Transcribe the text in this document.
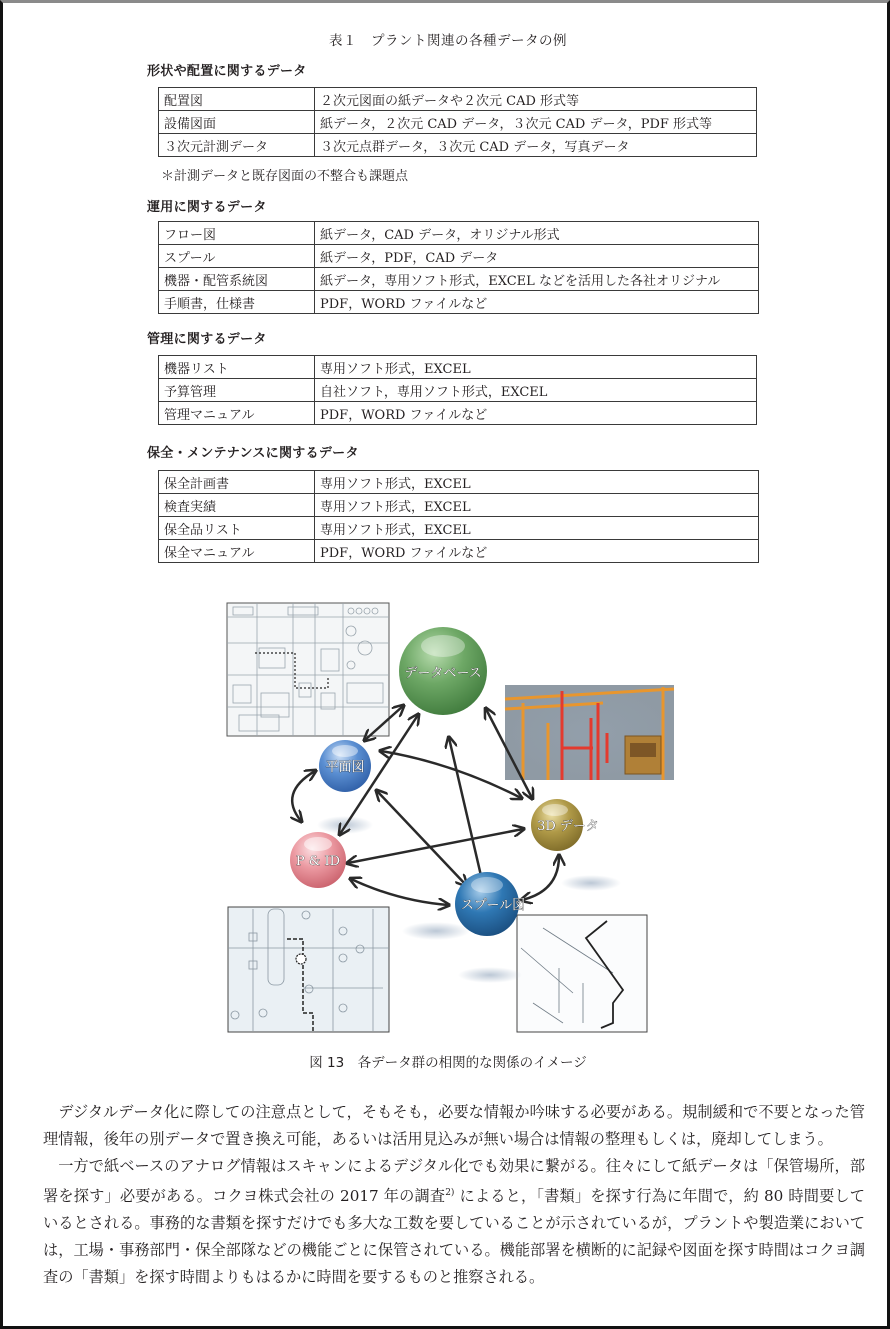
表１　プラント関連の各種データの例
形状や配置に関するデータ
配置図	２次元図面の紙データや２次元 CAD 形式等
設備図面	紙データ，２次元 CAD データ，３次元 CAD データ，PDF 形式等
３次元計測データ	３次元点群データ，３次元 CAD データ，写真データ
＊計測データと既存図面の不整合も課題点
運用に関するデータ
フロー図	紙データ，CAD データ，オリジナル形式
スプール	紙データ，PDF，CAD データ
機器・配管系統図	紙データ，専用ソフト形式，EXCEL などを活用した各社オリジナル
手順書，仕様書	PDF，WORD ファイルなど
管理に関するデータ
機器リスト	専用ソフト形式，EXCEL
予算管理	自社ソフト，専用ソフト形式，EXCEL
管理マニュアル	PDF，WORD ファイルなど
保全・メンテナンスに関するデータ
保全計画書	専用ソフト形式，EXCEL
検査実績	専用ソフト形式，EXCEL
保全品リスト	専用ソフト形式，EXCEL
保全マニュアル	PDF，WORD ファイルなど
データベース
平面図
P & ID
3D データ
スプール図
図 13　各データ群の相関的な関係のイメージ

デジタルデータ化に際しての注意点として，そもそも，必要な情報か吟味する必要がある。規制緩和で不要となった管理情報，後年の別データで置き換え可能，あるいは活用見込みが無い場合は情報の整理もしくは，廃却してしまう。

一方で紙ベースのアナログ情報はスキャンによるデジタル化でも効果に繋がる。往々にして紙データは「保管場所，部署を探す」必要がある。コクヨ株式会社の 2017 年の調査$^{2)}$ によると，「書類」を探す行為に年間で，約 80 時間要しているとされる。事務的な書類を探すだけでも多大な工数を要していることが示されているが，プラントや製造業においては，工場・事務部門・保全部隊などの機能ごとに保管されている。機能部署を横断的に記録や図面を探す時間はコクヨ調査の「書類」を探す時間よりもはるかに時間を要するものと推察される。
